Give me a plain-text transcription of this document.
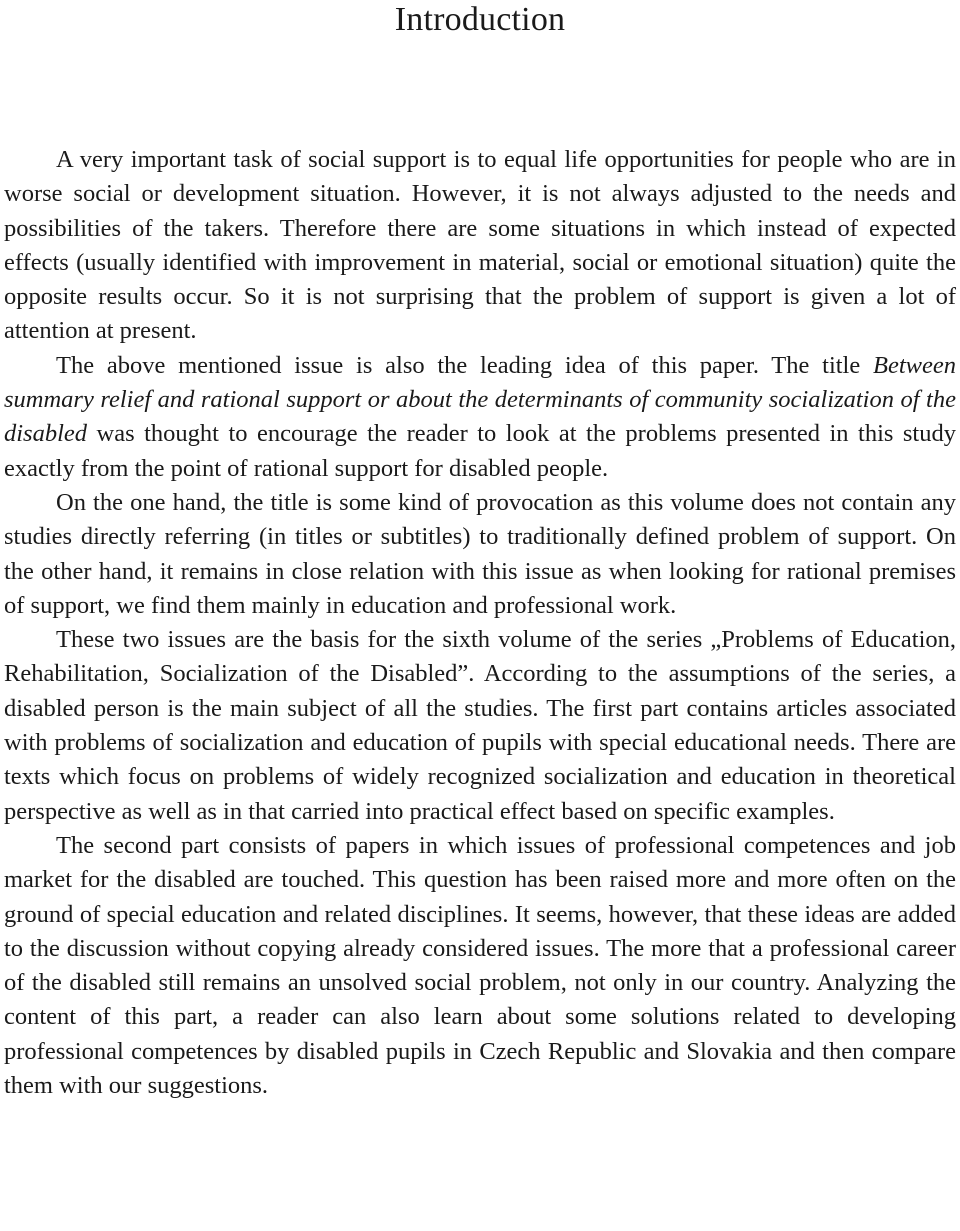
Introduction

A very important task of social support is to equal life opportunities for people who are in worse social or development situation. However, it is not always adjusted to the needs and possibilities of the takers. Therefore there are some situations in which instead of expected effects (usually identified with improvement in material, social or emotional situation) quite the opposite results occur. So it is not surprising that the problem of support is given a lot of attention at present.

The above mentioned issue is also the leading idea of this paper. The title Between summary relief and rational support or about the determinants of community socialization of the disabled was thought to encourage the reader to look at the problems presented in this study exactly from the point of rational support for disabled people.

On the one hand, the title is some kind of provocation as this volume does not contain any studies directly referring (in titles or subtitles) to traditionally defined problem of support. On the other hand, it remains in close relation with this issue as when looking for rational premises of support, we find them mainly in education and professional work.

These two issues are the basis for the sixth volume of the series „Problems of Education, Rehabilitation, Socialization of the Disabled”. According to the assumptions of the series, a disabled person is the main subject of all the studies. The first part contains articles associated with problems of socialization and education of pupils with special educational needs. There are texts which focus on problems of widely recognized socialization and education in theoretical perspective as well as in that carried into practical effect based on specific examples.

The second part consists of papers in which issues of professional competences and job market for the disabled are touched. This question has been raised more and more often on the ground of special education and related disciplines. It seems, however, that these ideas are added to the discussion without copying already considered issues. The more that a professional career of the disabled still remains an unsolved social problem, not only in our country. Analyzing the content of this part, a reader can also learn about some solutions related to developing professional competences by disabled pupils in Czech Republic and Slovakia and then compare them with our suggestions.
